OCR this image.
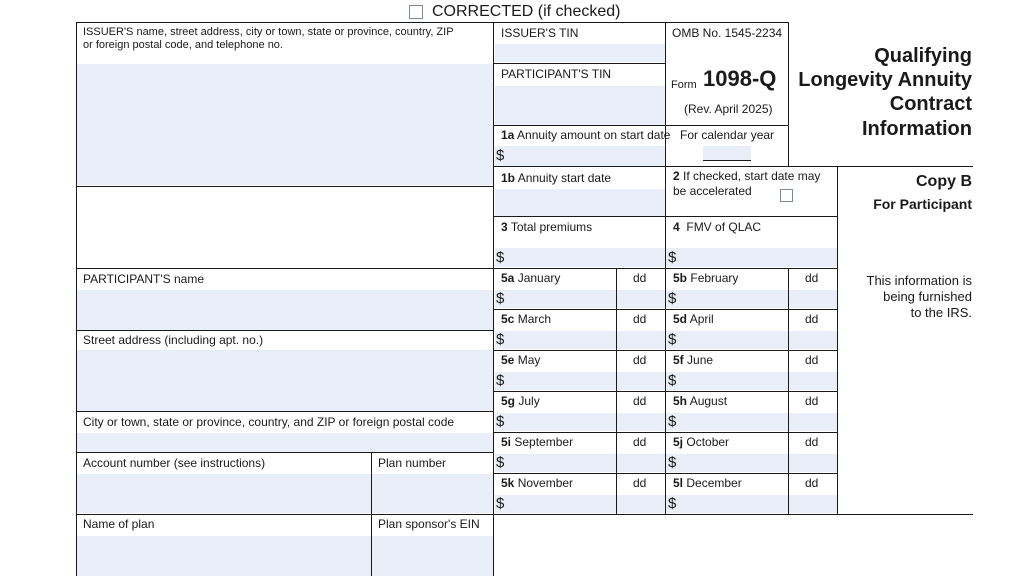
CORRECTED (if checked)
ISSUER'S name, street address, city or town, state or province, country, ZIP
or foreign postal code, and telephone no.
ISSUER'S TIN
PARTICIPANT'S TIN
OMB No. 1545-2234
Form 1098-Q
(Rev. April 2025)
Qualifying
Longevity Annuity
Contract
Information
1a Annuity amount on start date
$
For calendar year
1b Annuity start date	2 If checked, start date may
be accelerated
Copy B
For Participant
This information is
being furnished
to the IRS.
3 Total premiums
$
4 FMV of QLAC
$
PARTICIPANT'S name
Street address (including apt. no.)
City or town, state or province, country, and ZIP or foreign postal code
Account number (see instructions)	Plan number
Name of plan	Plan sponsor's EIN
5a January	dd
$
5b February	dd
$
5c March	dd
$
5d April	dd
$
5e May	dd
$
5f June	dd
$
5g July	dd
$
5h August	dd
$
5i September	dd
$
5j October	dd
$
5k November	dd
$
5l December	dd
$
